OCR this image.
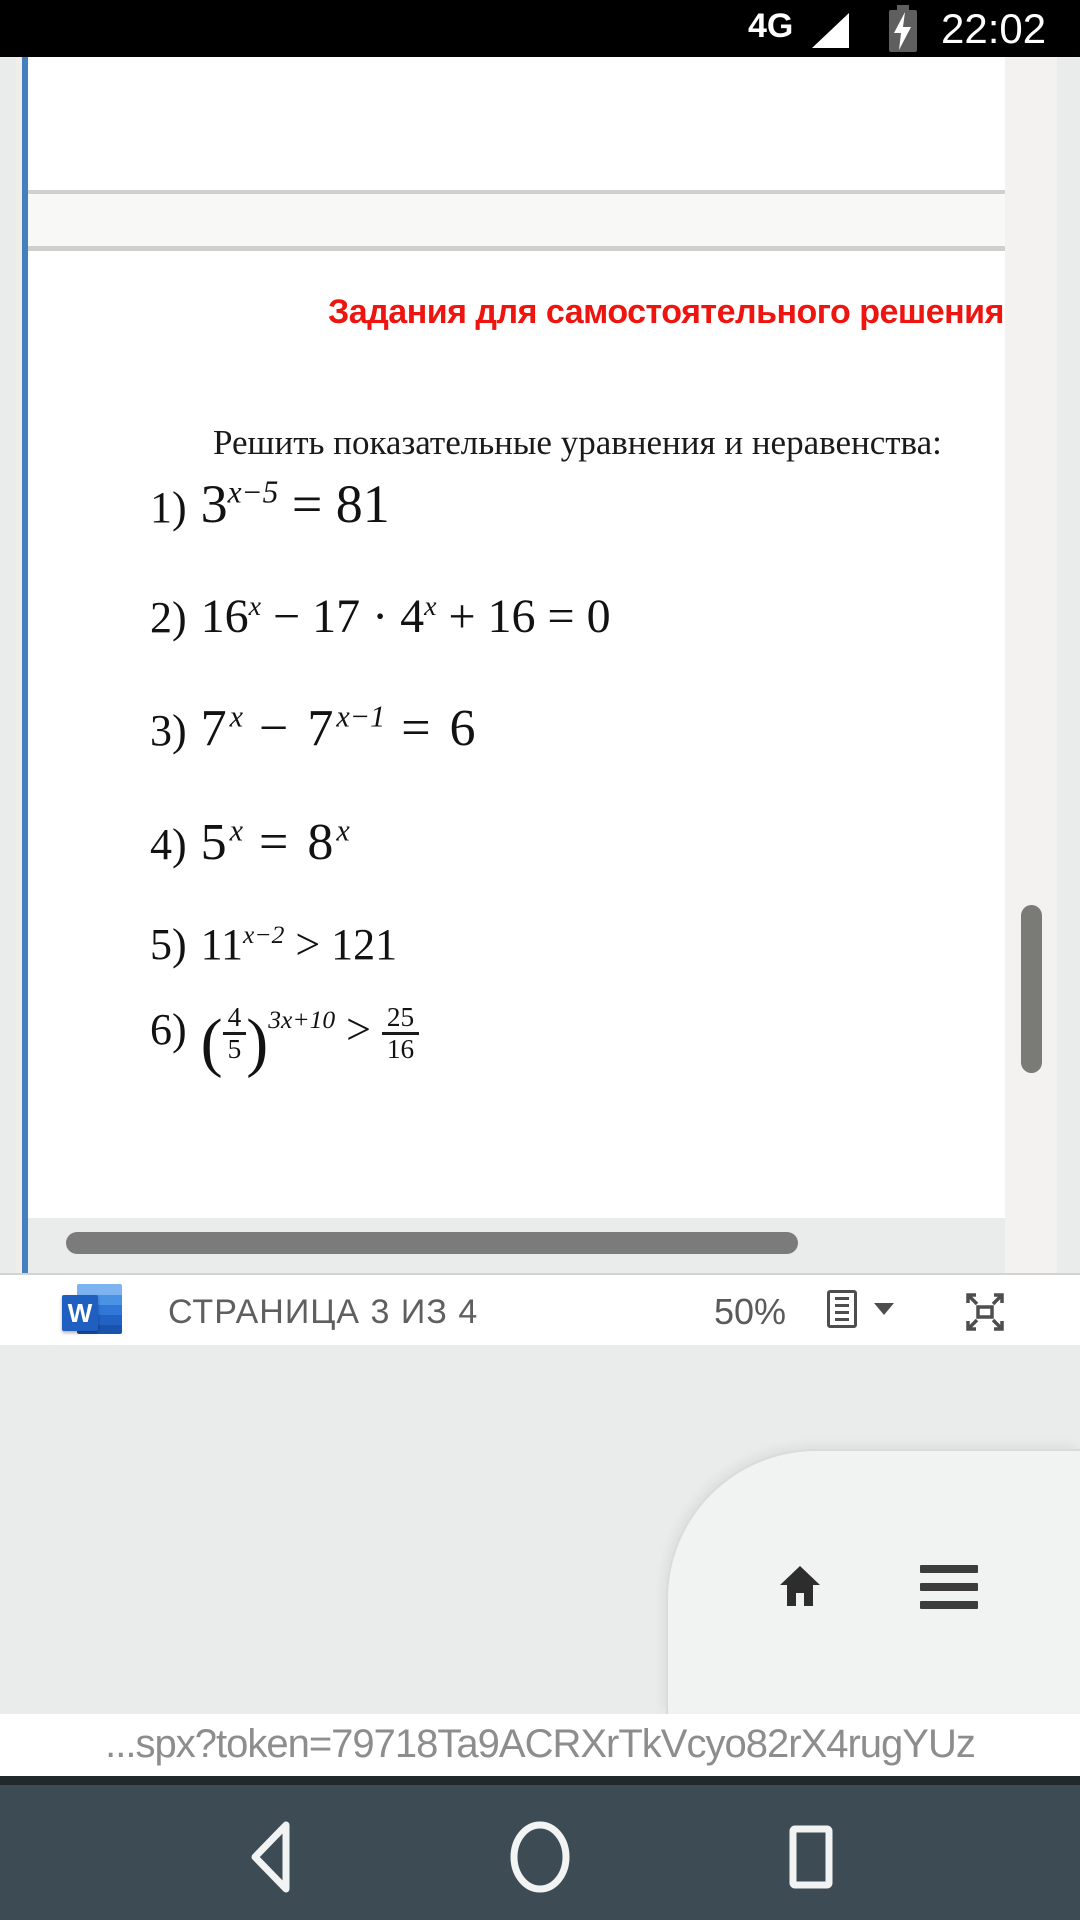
4G	22:02
Задания для самостоятельного решения
Решить показательные уравнения и неравенства:
1) $3^{x-5} = 81$
2) $16^x - 17 \cdot 4^x + 16 = 0$
3) $7^x - 7^{x-1} = 6$
4) $5^x = 8^x$
5) $11^{x-2} > 121$
6) ( $\frac{4}{5} )^{3x+10} > \frac{25}{16}$
W СТРАНИЦА 3 ИЗ 4	50%
...spx?token=79718Ta9ACRXrTkVcyo82rX4rugYUz
